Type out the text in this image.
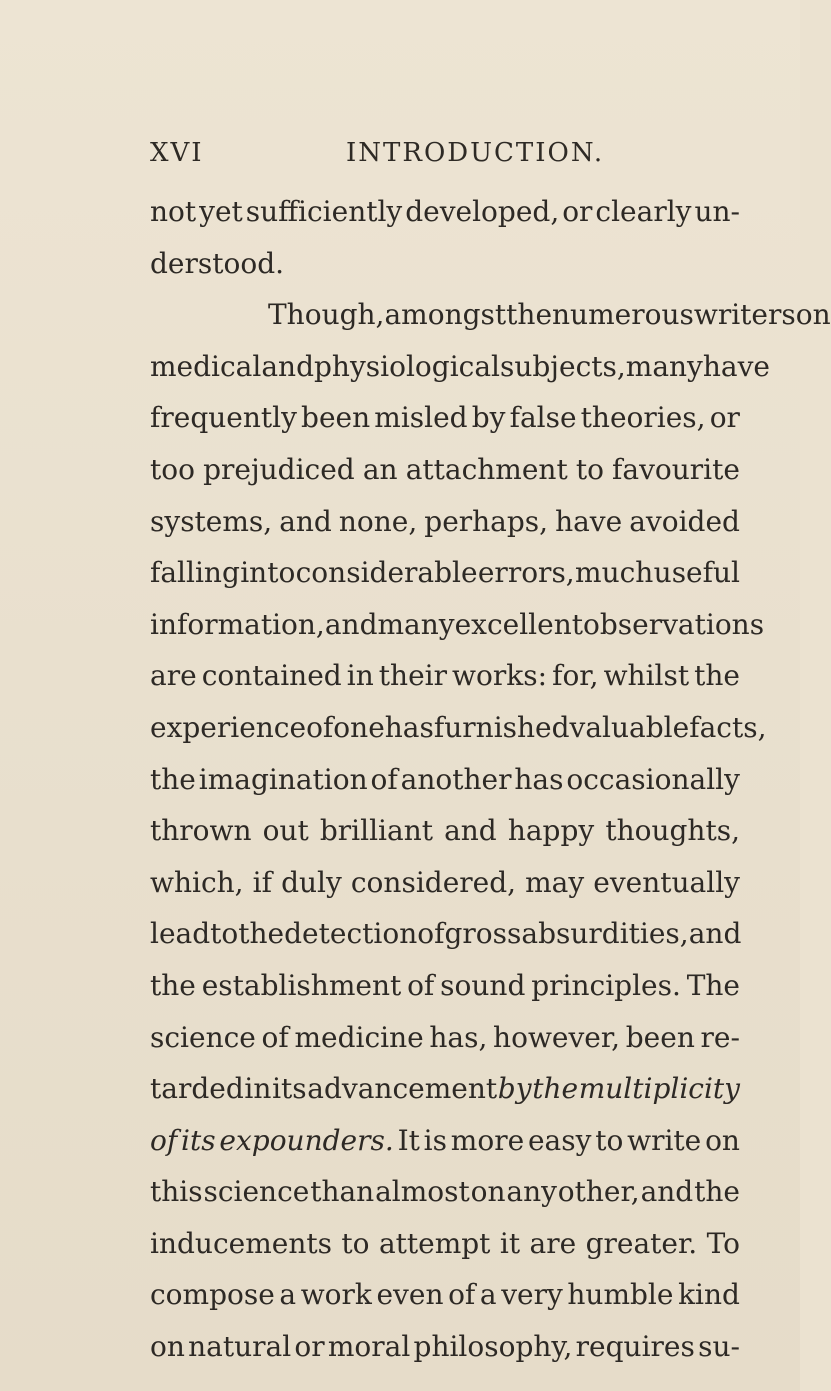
XVI	INTRODUCTION.
not yet sufficiently developed, or clearly un-
derstood.
Though, amongst the numerous writers on
medical and physiological subjects, many have
frequently been misled by false theories, or
too prejudiced an attachment to favourite
systems, and none, perhaps, have avoided
falling into considerable errors, much useful
information, and many excellent observations
are contained in their works: for, whilst the
experience of one has furnished valuable facts,
the imagination of another has occasionally
thrown out brilliant and happy thoughts,
which, if duly considered, may eventually
lead to the detection of gross absurdities, and
the establishment of sound principles. The
science of medicine has, however, been re-
tarded in its advancement by the multiplicity
of its expounders. It is more easy to write on
this science than almost on any other, and the
inducements to attempt it are greater. To
compose a work even of a very humble kind
on natural or moral philosophy, requires su-
